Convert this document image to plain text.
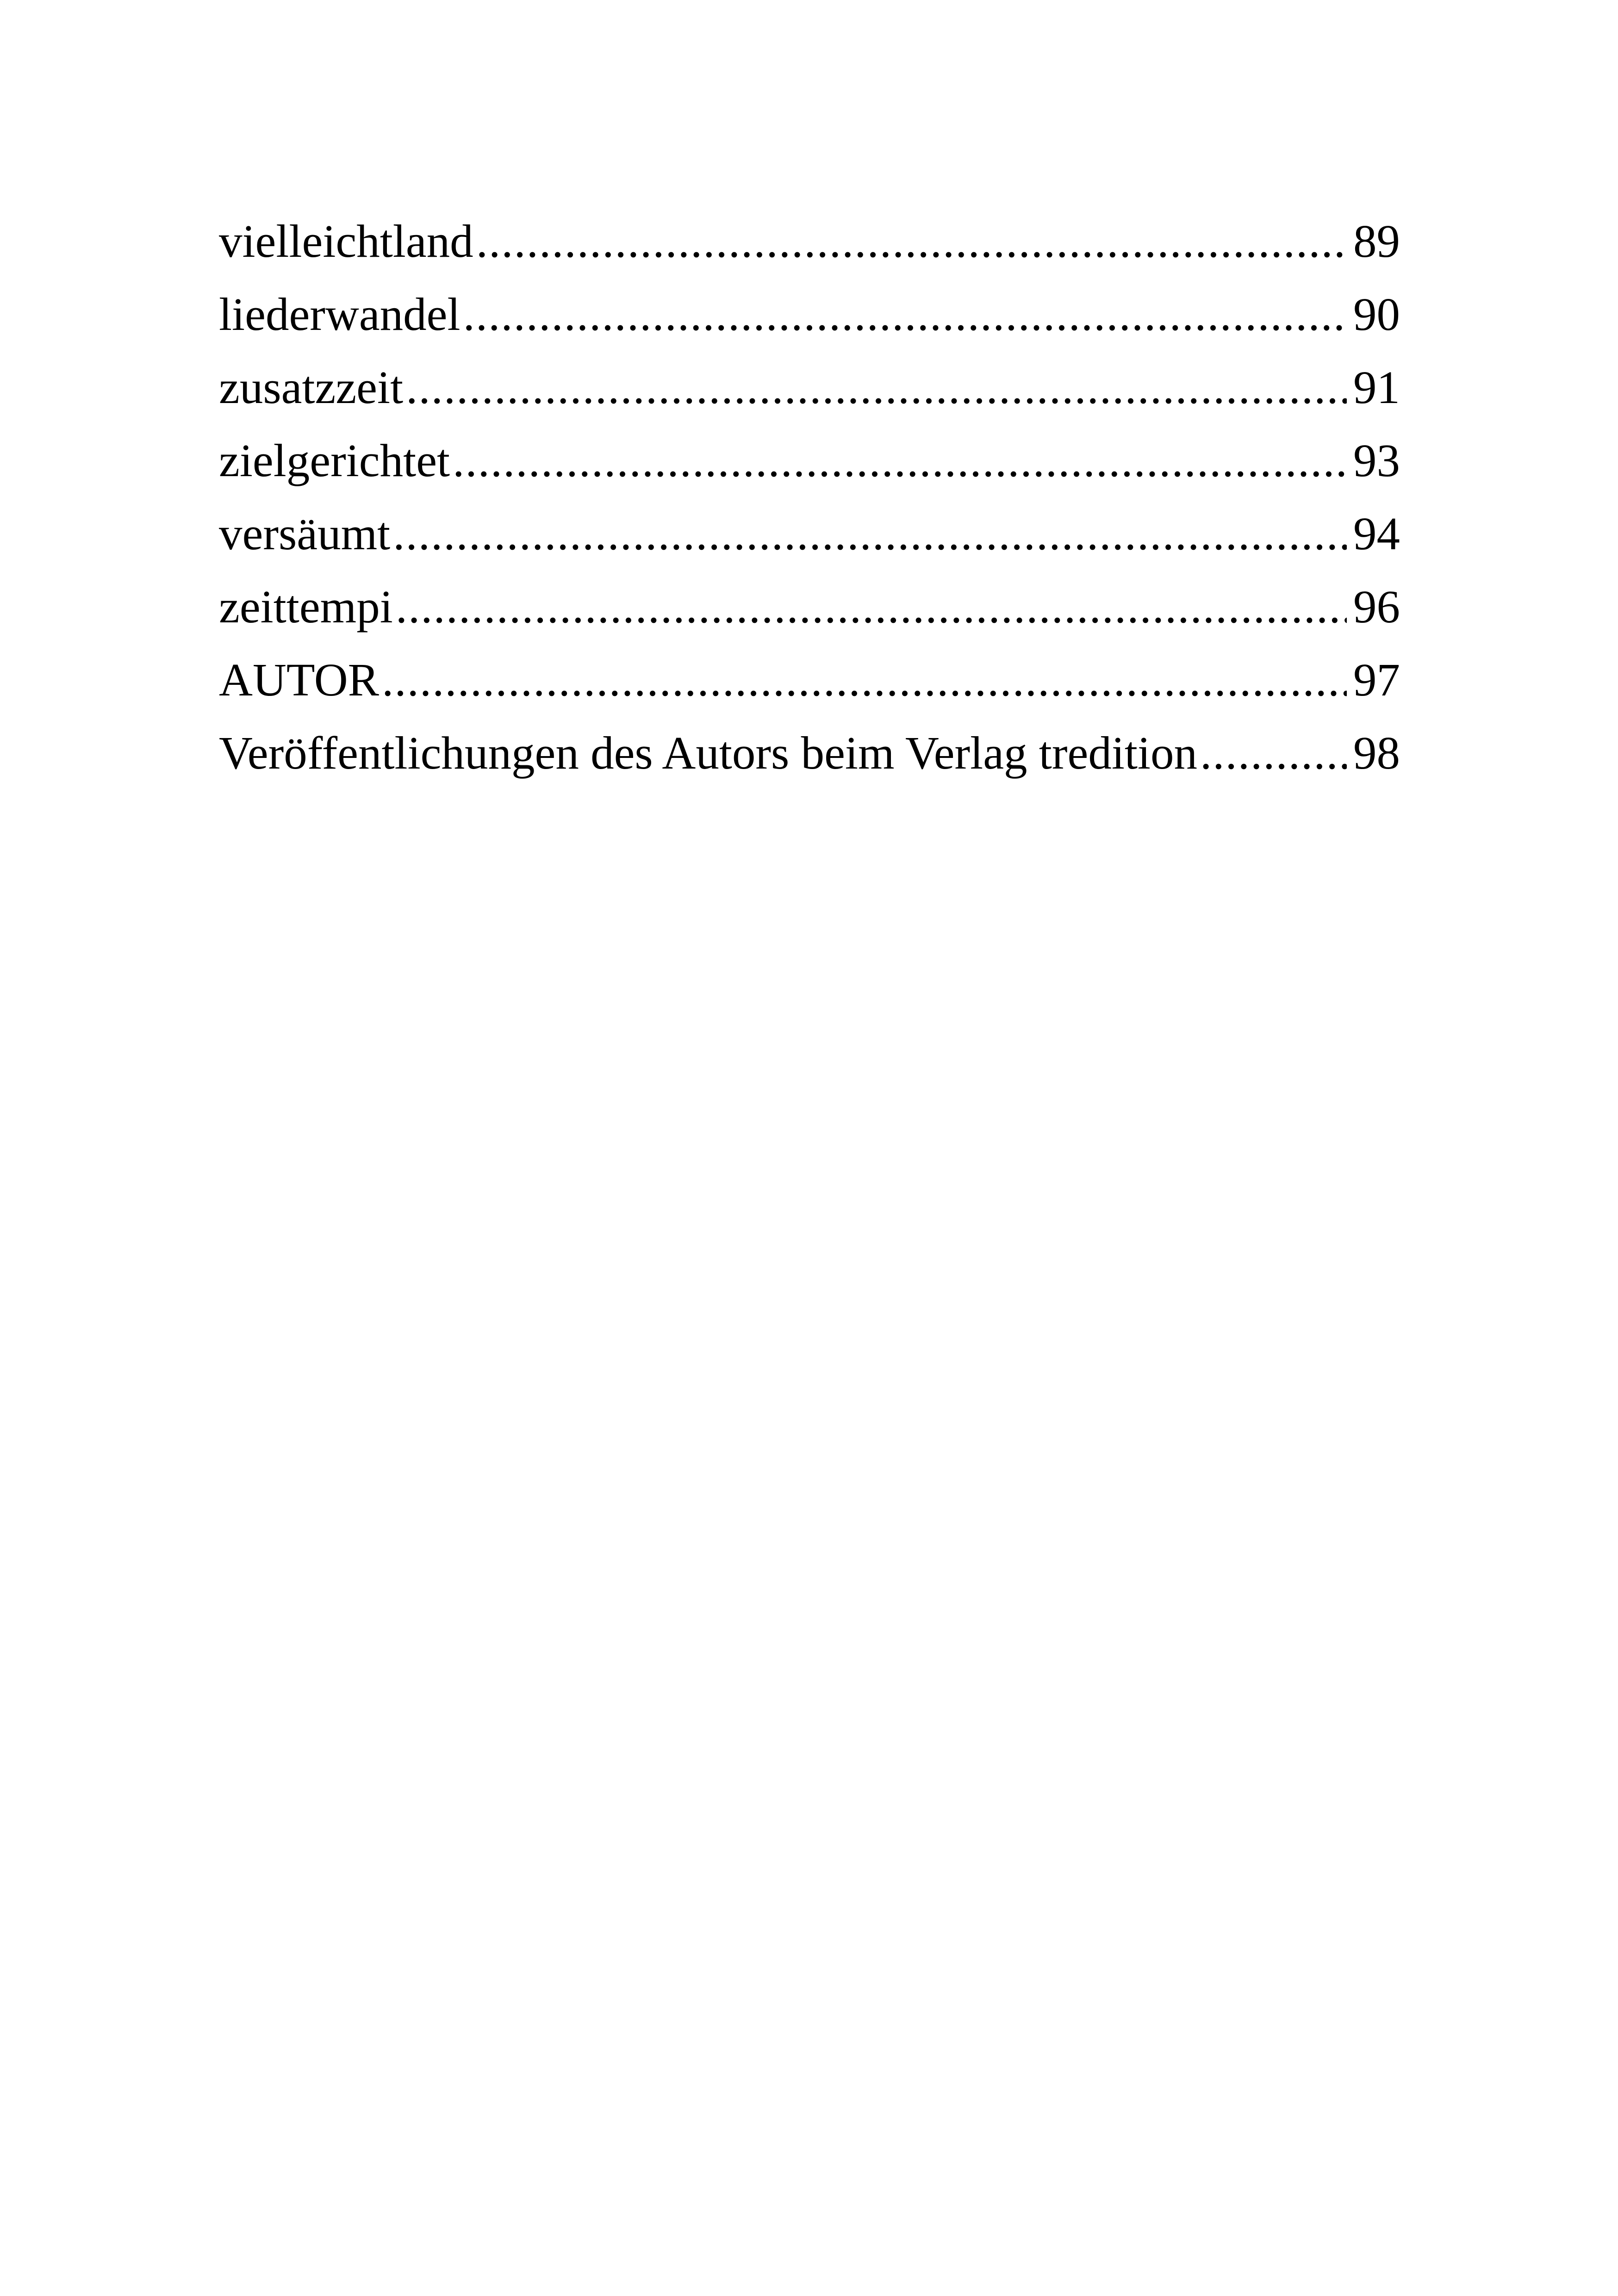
vielleichtland .....	89
liederwandel .....	90
zusatzzeit .....	91
zielgerichtet .....	93
versäumt .....	94
zeittempi .....	96
AUTOR .....	97
Veröffentlichungen des Autors beim Verlag tredition .....	98
